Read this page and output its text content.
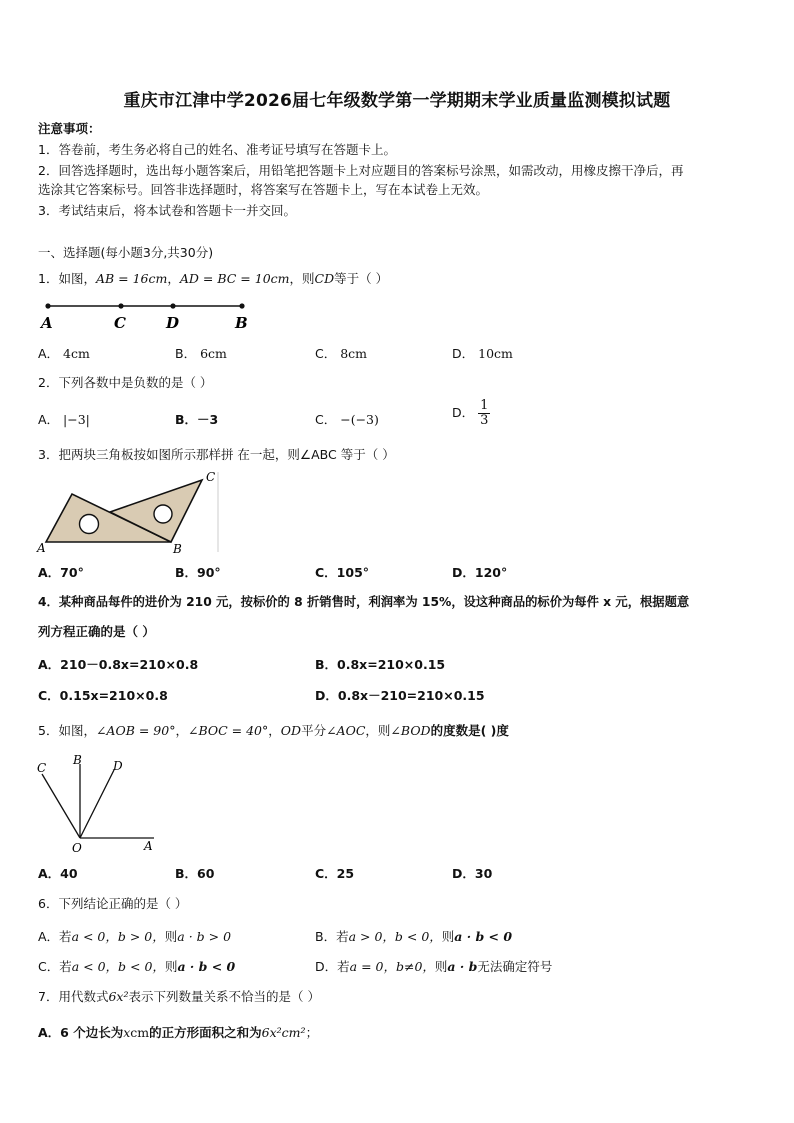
重庆市江津中学2026届七年级数学第一学期期末学业质量监测模拟试题
注意事项：
1．答卷前，考生务必将自己的姓名、准考证号填写在答题卡上。
2．回答选择题时，选出每小题答案后，用铅笔把答题卡上对应题目的答案标号涂黑，如需改动，用橡皮擦干净后，再
选涂其它答案标号。回答非选择题时，将答案写在答题卡上，写在本试卷上无效。
3．考试结束后，将本试卷和答题卡一并交回。
一、选择题(每小题3分,共30分)
1．如图，AB = 16cm，AD = BC = 10cm，则CD等于（ ）
A	C	D	B
A． 4cm	B． 6cm	C． 8cm	D． 10cm
2．下列各数中是负数的是（ ）
A． |−3|	B．－3	C． −(−3)	D． $\frac{1}{3}$
3．把两块三角板按如图所示那样拼 在一起，则∠ABC 等于（ ）
A	B
C
A．70°	B．90°	C．105°	D．120°
4．某种商品每件的进价为 210 元，按标价的 8 折销售时，利润率为 15%，设这种商品的标价为每件 x 元，根据题意
列方程正确的是（ ）
A．210－0.8x=210×0.8	B．0.8x=210×0.15
C．0.15x=210×0.8	D．0.8x－210=210×0.15
5．如图，∠AOB = 90°，∠BOC = 40°，OD平分∠AOC，则∠BOD的度数是( )度
C
B	D
O	A
A．40	B．60	C．25	D．30
6．下列结论正确的是（ ）
A．若a < 0，b > 0，则a · b > 0	B．若a > 0，b < 0，则a · b < 0
C．若a < 0，b < 0，则a · b < 0	D．若a = 0，b≠0，则a · b无法确定符号
7．用代数式6x²表示下列数量关系不恰当的是（ ）
A．6 个边长为xcm的正方形面积之和为6x²cm²；
